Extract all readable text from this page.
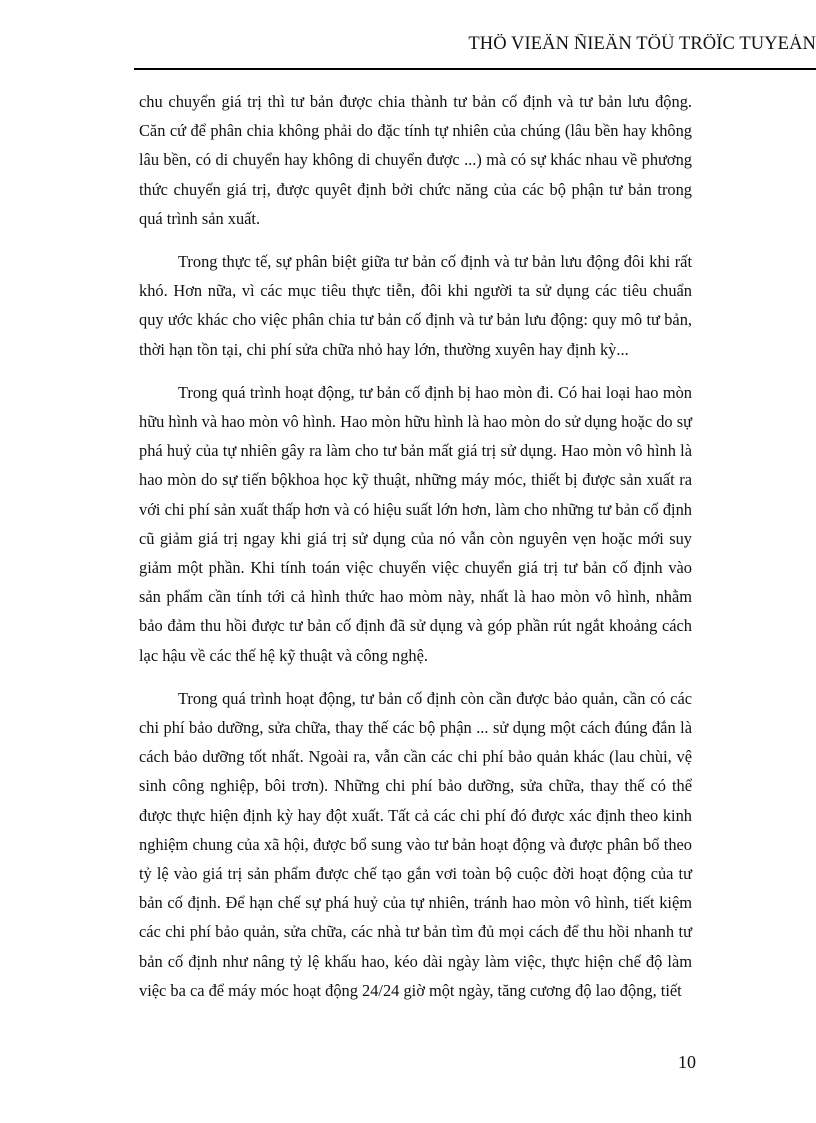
THÖ VIEÄN ÑIEÄN TÖÛ TRÖÏC TUYEÁN

chu chuyển giá trị thì tư bản được chia thành tư bản cố định và tư bản lưu động. Căn cứ để phân chia không phải do đặc tính tự nhiên của chúng (lâu bền hay không lâu bền, có di chuyển hay không di chuyển được ...) mà có sự khác nhau về phương thức chuyển giá trị, được quyêt định bởi chức năng của các bộ phận tư bản trong quá trình sản xuất.

Trong thực tế, sự phân biệt giữa tư bản cố định và tư bản lưu động đôi khi rất khó. Hơn nữa, vì các mục tiêu thực tiễn, đôi khi người ta sử dụng các tiêu chuẩn quy ước khác cho việc phân chia tư bản cố định và tư bản lưu động: quy mô tư bản, thời hạn tồn tại, chi phí sửa chữa nhỏ hay lớn, thường xuyên hay định kỳ...

Trong quá trình hoạt động, tư bản cố định bị hao mòn đi. Có hai loại hao mòn hữu hình và hao mòn vô hình. Hao mòn hữu hình là hao mòn do sử dụng hoặc do sự phá huỷ của tự nhiên gây ra làm cho tư bản mất giá trị sử dụng. Hao mòn vô hình là hao mòn do sự tiến bộkhoa học kỹ thuật, những máy móc, thiết bị được sản xuất ra với chi phí sản xuất thấp hơn và có hiệu suất lớn hơn, làm cho những tư bản cố định cũ giảm giá trị ngay khi giá trị sử dụng của nó vẫn còn nguyên vẹn hoặc mới suy giảm một phần. Khi tính toán việc chuyển việc chuyển giá trị tư bản cố định vào sản phẩm cần tính tới cả hình thức hao mòm này, nhất là hao mòn vô hình, nhằm bảo đảm thu hồi được tư bản cố định đã sử dụng và góp phần rút ngắt khoảng cách lạc hậu về các thế hệ kỹ thuật và công nghệ.

Trong quá trình hoạt động, tư bản cố định còn cần được bảo quản, cần có các chi phí bảo dưỡng, sửa chữa, thay thế các bộ phận ... sử dụng một cách đúng đắn là cách bảo dưỡng tốt nhất. Ngoài ra, vẫn cần các chi phí bảo quản khác (lau chùi, vệ sinh công nghiệp, bôi trơn). Những chi phí bảo dưỡng, sửa chữa, thay thế có thể được thực hiện định kỳ hay đột xuất. Tất cả các chi phí đó được xác định theo kinh nghiệm chung của xã hội, được bổ sung vào tư bản hoạt động và được phân bổ theo tỷ lệ vào giá trị sản phẩm được chế tạo gắn vơi toàn bộ cuộc đời hoạt động của tư bản cố định. Để hạn chế sự phá huỷ của tự nhiên, tránh hao mòn vô hình, tiết kiệm các chi phí bảo quản, sửa chữa, các nhà tư bản tìm đủ mọi cách để thu hồi nhanh tư bản cố định như nâng tỷ lệ khấu hao, kéo dài ngày làm việc, thực hiện chế độ làm việc ba ca để máy móc hoạt động 24/24 giờ một ngày, tăng cương độ lao động, tiết

10
